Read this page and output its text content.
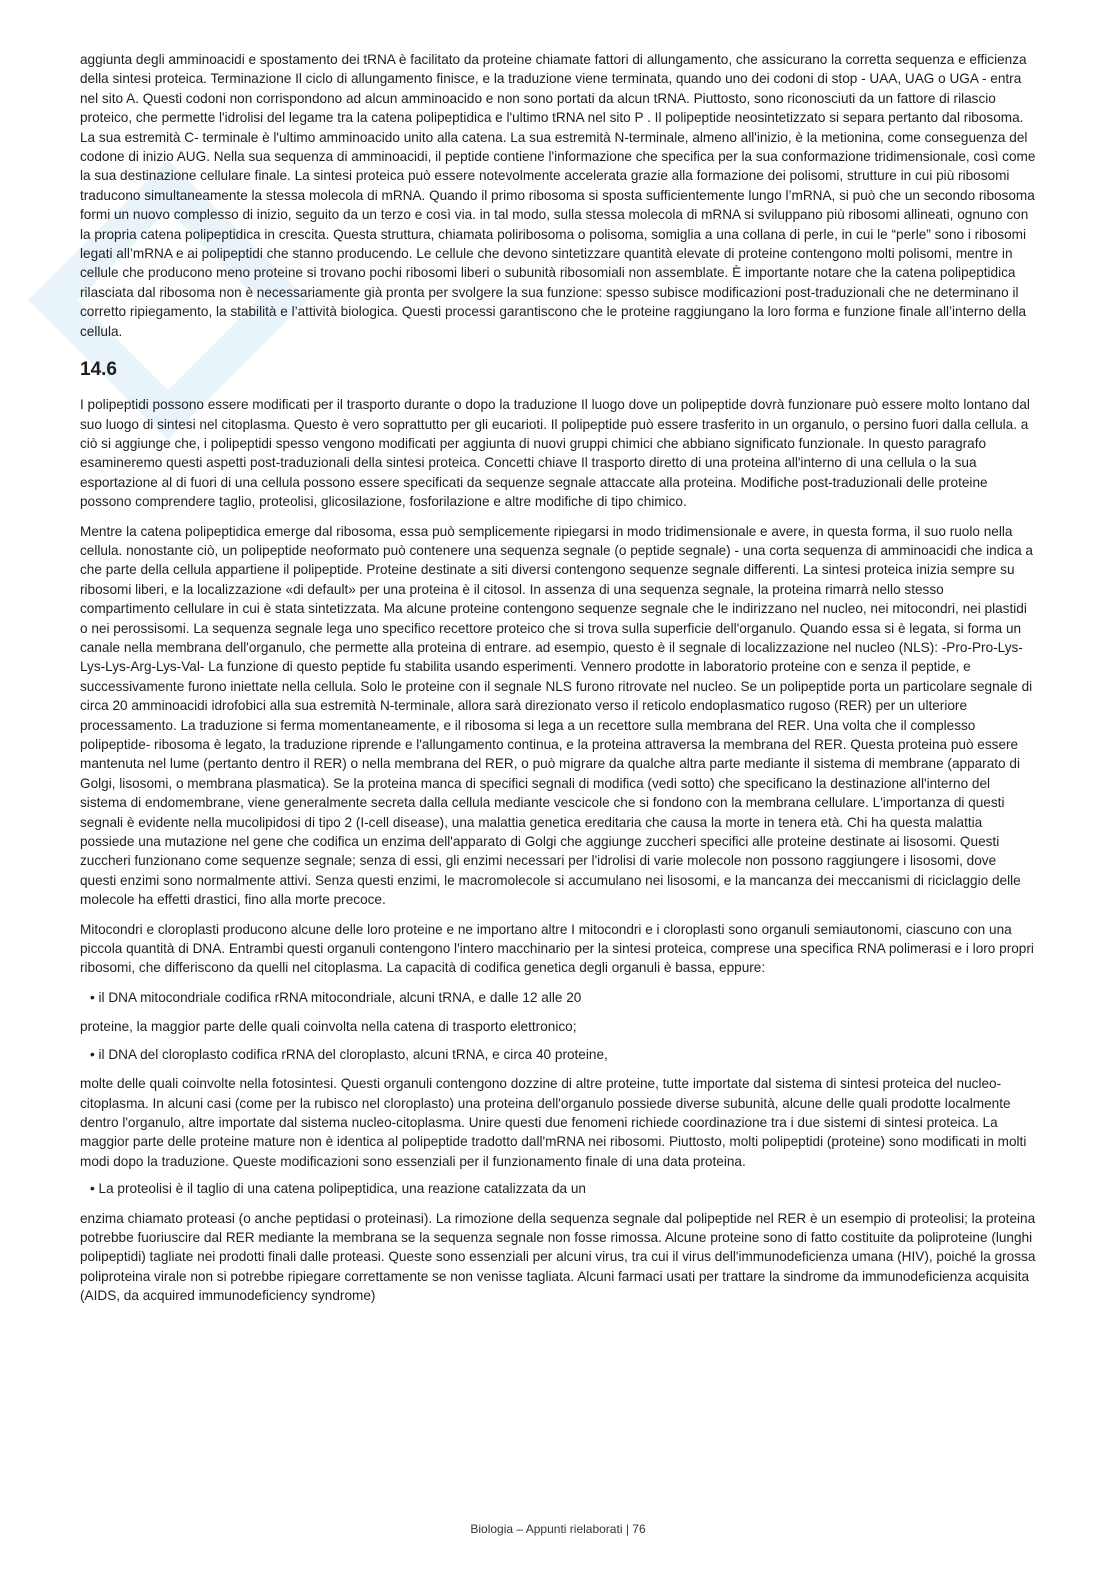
aggiunta degli amminoacidi e spostamento dei tRNA è facilitato da proteine chiamate fattori di allungamento, che assicurano la corretta sequenza e efficienza della sintesi proteica. Terminazione Il ciclo di allungamento finisce, e la traduzione viene terminata, quando uno dei codoni di stop - UAA, UAG o UGA - entra nel sito A. Questi codoni non corrispondono ad alcun amminoacido e non sono portati da alcun tRNA. Piuttosto, sono riconosciuti da un fattore di rilascio proteico, che permette l'idrolisi del legame tra la catena polipeptidica e l'ultimo tRNA nel sito P . Il polipeptide neosintetizzato si separa pertanto dal ribosoma. La sua estremità C- terminale è l'ultimo amminoacido unito alla catena. La sua estremità N-terminale, almeno all'inizio, è la metionina, come conseguenza del codone di inizio AUG. Nella sua sequenza di amminoacidi, il peptide contiene l'informazione che specifica per la sua conformazione tridimensionale, così come la sua destinazione cellulare finale. La sintesi proteica può essere notevolmente accelerata grazie alla formazione dei polisomi, strutture in cui più ribosomi traducono simultaneamente la stessa molecola di mRNA. Quando il primo ribosoma si sposta sufficientemente lungo l’mRNA, si può che un secondo ribosoma formi un nuovo complesso di inizio, seguito da un terzo e così via. in tal modo, sulla stessa molecola di mRNA si sviluppano più ribosomi allineati, ognuno con la propria catena polipeptidica in crescita. Questa struttura, chiamata poliribosoma o polisoma, somiglia a una collana di perle, in cui le “perle” sono i ribosomi legati all’mRNA e ai polipeptidi che stanno producendo. Le cellule che devono sintetizzare quantità elevate di proteine contengono molti polisomi, mentre in cellule che producono meno proteine si trovano pochi ribosomi liberi o subunità ribosomiali non assemblate. È importante notare che la catena polipeptidica rilasciata dal ribosoma non è necessariamente già pronta per svolgere la sua funzione: spesso subisce modificazioni post-traduzionali che ne determinano il corretto ripiegamento, la stabilità e l’attività biologica. Questi processi garantiscono che le proteine raggiungano la loro forma e funzione finale all’interno della cellula.

14.6

I polipeptidi possono essere modificati per il trasporto durante o dopo la traduzione Il luogo dove un polipeptide dovrà funzionare può essere molto lontano dal suo luogo di sintesi nel citoplasma. Questo è vero soprattutto per gli eucarioti. Il polipeptide può essere trasferito in un organulo, o persino fuori dalla cellula. a ciò si aggiunge che, i polipeptidi spesso vengono modificati per aggiunta di nuovi gruppi chimici che abbiano significato funzionale. In questo paragrafo esamineremo questi aspetti post-traduzionali della sintesi proteica. Concetti chiave Il trasporto diretto di una proteina all'interno di una cellula o la sua esportazione al di fuori di una cellula possono essere specificati da sequenze segnale attaccate alla proteina. Modifiche post-traduzionali delle proteine possono comprendere taglio, proteolisi, glicosilazione, fosforilazione e altre modifiche di tipo chimico.

Mentre la catena polipeptidica emerge dal ribosoma, essa può semplicemente ripiegarsi in modo tridimensionale e avere, in questa forma, il suo ruolo nella cellula. nonostante ciò, un polipeptide neoformato può contenere una sequenza segnale (o peptide segnale) - una corta sequenza di amminoacidi che indica a che parte della cellula appartiene il polipeptide. Proteine destinate a siti diversi contengono sequenze segnale differenti. La sintesi proteica inizia sempre su ribosomi liberi, e la localizzazione «di default» per una proteina è il citosol. In assenza di una sequenza segnale, la proteina rimarrà nello stesso compartimento cellulare in cui è stata sintetizzata. Ma alcune proteine contengono sequenze segnale che le indirizzano nel nucleo, nei mitocondri, nei plastidi o nei perossisomi. La sequenza segnale lega uno specifico recettore proteico che si trova sulla superficie dell'organulo. Quando essa si è legata, si forma un canale nella membrana dell'organulo, che permette alla proteina di entrare. ad esempio, questo è il segnale di localizzazione nel nucleo (NLS): -Pro-Pro-Lys-Lys-Lys-Arg-Lys-Val- La funzione di questo peptide fu stabilita usando esperimenti. Vennero prodotte in laboratorio proteine con e senza il peptide, e successivamente furono iniettate nella cellula. Solo le proteine con il segnale NLS furono ritrovate nel nucleo. Se un polipeptide porta un particolare segnale di circa 20 amminoacidi idrofobici alla sua estremità N-terminale, allora sarà direzionato verso il reticolo endoplasmatico rugoso (RER) per un ulteriore processamento. La traduzione si ferma momentaneamente, e il ribosoma si lega a un recettore sulla membrana del RER. Una volta che il complesso polipeptide- ribosoma è legato, la traduzione riprende e l'allungamento continua, e la proteina attraversa la membrana del RER. Questa proteina può essere mantenuta nel lume (pertanto dentro il RER) o nella membrana del RER, o può migrare da qualche altra parte mediante il sistema di membrane (apparato di Golgi, lisosomi, o membrana plasmatica). Se la proteina manca di specifici segnali di modifica (vedi sotto) che specificano la destinazione all'interno del sistema di endomembrane, viene generalmente secreta dalla cellula mediante vescicole che si fondono con la membrana cellulare. L'importanza di questi segnali è evidente nella mucolipidosi di tipo 2 (I-cell disease), una malattia genetica ereditaria che causa la morte in tenera età. Chi ha questa malattia possiede una mutazione nel gene che codifica un enzima dell'apparato di Golgi che aggiunge zuccheri specifici alle proteine destinate ai lisosomi. Questi zuccheri funzionano come sequenze segnale; senza di essi, gli enzimi necessari per l'idrolisi di varie molecole non possono raggiungere i lisosomi, dove questi enzimi sono normalmente attivi. Senza questi enzimi, le macromolecole si accumulano nei lisosomi, e la mancanza dei meccanismi di riciclaggio delle molecole ha effetti drastici, fino alla morte precoce.

Mitocondri e cloroplasti producono alcune delle loro proteine e ne importano altre I mitocondri e i cloroplasti sono organuli semiautonomi, ciascuno con una piccola quantità di DNA. Entrambi questi organuli contengono l'intero macchinario per la sintesi proteica, comprese una specifica RNA polimerasi e i loro propri ribosomi, che differiscono da quelli nel citoplasma. La capacità di codifica genetica degli organuli è bassa, eppure:

• il DNA mitocondriale codifica rRNA mitocondriale, alcuni tRNA, e dalle 12 alle 20

proteine, la maggior parte delle quali coinvolta nella catena di trasporto elettronico;

• il DNA del cloroplasto codifica rRNA del cloroplasto, alcuni tRNA, e circa 40 proteine,

molte delle quali coinvolte nella fotosintesi. Questi organuli contengono dozzine di altre proteine, tutte importate dal sistema di sintesi proteica del nucleo-citoplasma. In alcuni casi (come per la rubisco nel cloroplasto) una proteina dell'organulo possiede diverse subunità, alcune delle quali prodotte localmente dentro l'organulo, altre importate dal sistema nucleo-citoplasma. Unire questi due fenomeni richiede coordinazione tra i due sistemi di sintesi proteica. La maggior parte delle proteine mature non è identica al polipeptide tradotto dall'mRNA nei ribosomi. Piuttosto, molti polipeptidi (proteine) sono modificati in molti modi dopo la traduzione. Queste modificazioni sono essenziali per il funzionamento finale di una data proteina.

• La proteolisi è il taglio di una catena polipeptidica, una reazione catalizzata da un

enzima chiamato proteasi (o anche peptidasi o proteinasi). La rimozione della sequenza segnale dal polipeptide nel RER è un esempio di proteolisi; la proteina potrebbe fuoriuscire dal RER mediante la membrana se la sequenza segnale non fosse rimossa. Alcune proteine sono di fatto costituite da poliproteine (lunghi polipeptidi) tagliate nei prodotti finali dalle proteasi. Queste sono essenziali per alcuni virus, tra cui il virus dell'immunodeficienza umana (HIV), poiché la grossa poliproteina virale non si potrebbe ripiegare correttamente se non venisse tagliata. Alcuni farmaci usati per trattare la sindrome da immunodeficienza acquisita (AIDS, da acquired immunodeficiency syndrome)

Biologia – Appunti rielaborati | 76
